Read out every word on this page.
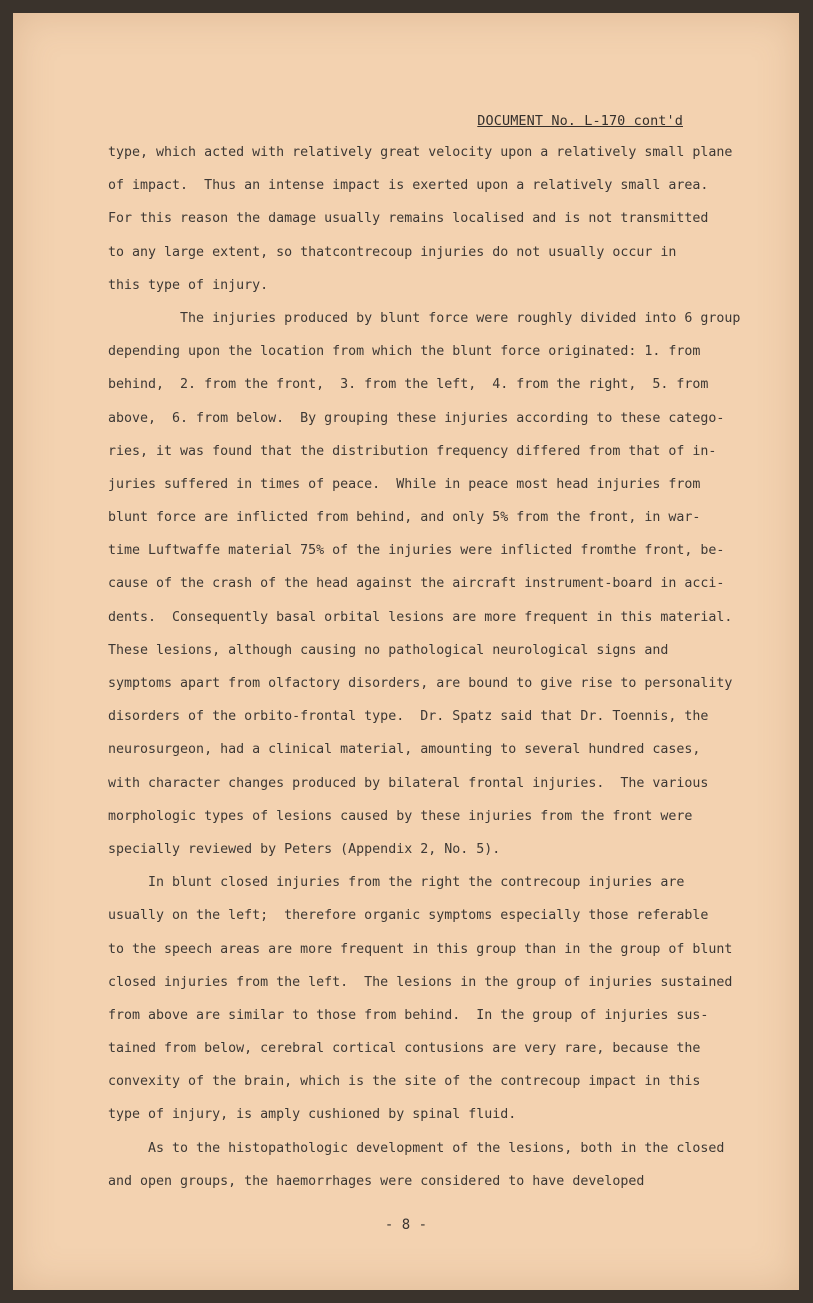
DOCUMENT No. L-170 cont'd
type, which acted with relatively great velocity upon a relatively small plane
of impact.  Thus an intense impact is exerted upon a relatively small area.
For this reason the damage usually remains localised and is not transmitted
to any large extent, so thatcontrecoup injuries do not usually occur in
this type of injury.
The injuries produced by blunt force were roughly divided into 6 group
depending upon the location from which the blunt force originated: 1. from
behind,  2. from the front,  3. from the left,  4. from the right,  5. from
above,  6. from below.  By grouping these injuries according to these catego-
ries, it was found that the distribution frequency differed from that of in-
juries suffered in times of peace.  While in peace most head injuries from
blunt force are inflicted from behind, and only 5% from the front, in war-
time Luftwaffe material 75% of the injuries were inflicted fromthe front, be-
cause of the crash of the head against the aircraft instrument-board in acci-
dents.  Consequently basal orbital lesions are more frequent in this material.
These lesions, although causing no pathological neurological signs and
symptoms apart from olfactory disorders, are bound to give rise to personality
disorders of the orbito-frontal type.  Dr. Spatz said that Dr. Toennis, the
neurosurgeon, had a clinical material, amounting to several hundred cases,
with character changes produced by bilateral frontal injuries.  The various
morphologic types of lesions caused by these injuries from the front were
specially reviewed by Peters (Appendix 2, No. 5).
In blunt closed injuries from the right the contrecoup injuries are
usually on the left;  therefore organic symptoms especially those referable
to the speech areas are more frequent in this group than in the group of blunt
closed injuries from the left.  The lesions in the group of injuries sustained
from above are similar to those from behind.  In the group of injuries sus-
tained from below, cerebral cortical contusions are very rare, because the
convexity of the brain, which is the site of the contrecoup impact in this
type of injury, is amply cushioned by spinal fluid.
As to the histopathologic development of the lesions, both in the closed
and open groups, the haemorrhages were considered to have developed
- 8 -
